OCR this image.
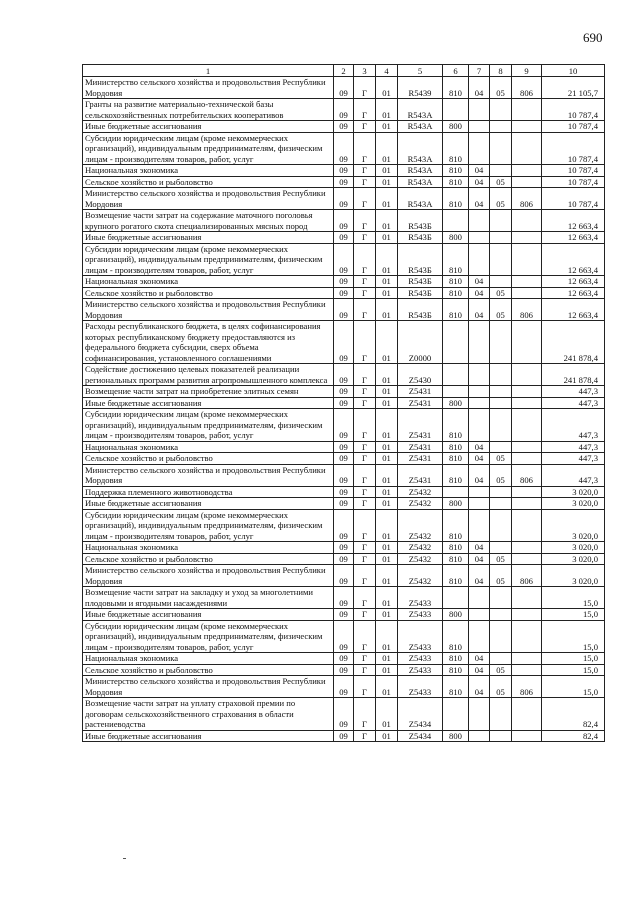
690
1	2	3	4	5	6	7	8	9	10
Министерство сельского хозяйства и продовольствия Республики Мордовия	09	Г	01	R5439	810	04	05	806	21 105,7
Гранты на развитие материально-технической базы сельскохозяйственных потребительских кооперативов	09	Г	01	R543А					10 787,4
Иные бюджетные ассигнования	09	Г	01	R543А	800				10 787,4
Субсидии юридическим лицам (кроме некоммерческих организаций), индивидуальным предпринимателям, физическим лицам - производителям товаров, работ, услуг	09	Г	01	R543А	810				10 787,4
Национальная экономика	09	Г	01	R543А	810	04			10 787,4
Сельское хозяйство и рыболовство	09	Г	01	R543А	810	04	05		10 787,4
Министерство сельского хозяйства и продовольствия Республики Мордовия	09	Г	01	R543А	810	04	05	806	10 787,4
Возмещение части затрат на содержание маточного поголовья крупного рогатого скота специализированных мясных пород	09	Г	01	R543Б					12 663,4
Иные бюджетные ассигнования	09	Г	01	R543Б	800				12 663,4
Субсидии юридическим лицам (кроме некоммерческих организаций), индивидуальным предпринимателям, физическим лицам - производителям товаров, работ, услуг	09	Г	01	R543Б	810				12 663,4
Национальная экономика	09	Г	01	R543Б	810	04			12 663,4
Сельское хозяйство и рыболовство	09	Г	01	R543Б	810	04	05		12 663,4
Министерство сельского хозяйства и продовольствия Республики Мордовия	09	Г	01	R543Б	810	04	05	806	12 663,4
Расходы республиканского бюджета, в целях софинансирования которых республиканскому бюджету предоставляются из федерального бюджета субсидии, сверх объема софинансирования, установленного соглашениями	09	Г	01	Z0000					241 878,4
Содействие достижению целевых показателей реализации региональных программ развития агропромышленного комплекса	09	Г	01	Z5430					241 878,4
Возмещение части затрат на приобретение элитных семян	09	Г	01	Z5431					447,3
Иные бюджетные ассигнования	09	Г	01	Z5431	800				447,3
Субсидии юридическим лицам (кроме некоммерческих организаций), индивидуальным предпринимателям, физическим лицам - производителям товаров, работ, услуг	09	Г	01	Z5431	810				447,3
Национальная экономика	09	Г	01	Z5431	810	04			447,3
Сельское хозяйство и рыболовство	09	Г	01	Z5431	810	04	05		447,3
Министерство сельского хозяйства и продовольствия Республики Мордовия	09	Г	01	Z5431	810	04	05	806	447,3
Поддержка племенного животноводства	09	Г	01	Z5432					3 020,0
Иные бюджетные ассигнования	09	Г	01	Z5432	800				3 020,0
Субсидии юридическим лицам (кроме некоммерческих организаций), индивидуальным предпринимателям, физическим лицам - производителям товаров, работ, услуг	09	Г	01	Z5432	810				3 020,0
Национальная экономика	09	Г	01	Z5432	810	04			3 020,0
Сельское хозяйство и рыболовство	09	Г	01	Z5432	810	04	05		3 020,0
Министерство сельского хозяйства и продовольствия Республики Мордовия	09	Г	01	Z5432	810	04	05	806	3 020,0
Возмещение части затрат на закладку и уход за многолетними плодовыми и ягодными насаждениями	09	Г	01	Z5433					15,0
Иные бюджетные ассигнования	09	Г	01	Z5433	800				15,0
Субсидии юридическим лицам (кроме некоммерческих организаций), индивидуальным предпринимателям, физическим лицам - производителям товаров, работ, услуг	09	Г	01	Z5433	810				15,0
Национальная экономика	09	Г	01	Z5433	810	04			15,0
Сельское хозяйство и рыболовство	09	Г	01	Z5433	810	04	05		15,0
Министерство сельского хозяйства и продовольствия Республики Мордовия	09	Г	01	Z5433	810	04	05	806	15,0
Возмещение части затрат на уплату страховой премии по договорам сельскохозяйственного страхования в области растениеводства	09	Г	01	Z5434					82,4
Иные бюджетные ассигнования	09	Г	01	Z5434	800				82,4
